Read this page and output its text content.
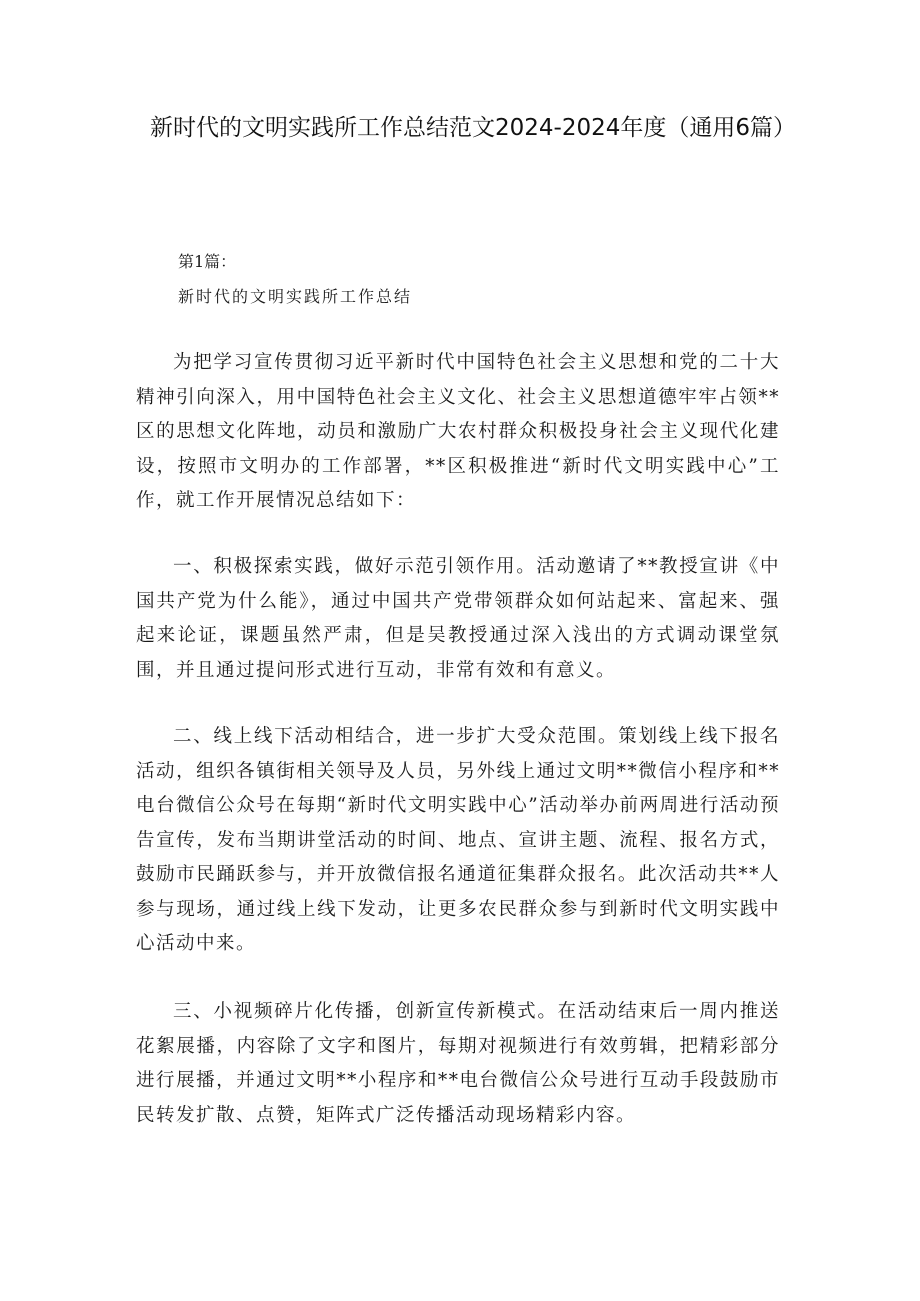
新时代的文明实践所工作总结范文2024-2024年度（通用6篇）

第1篇：

新时代的文明实践所工作总结

为把学习宣传贯彻习近平新时代中国特色社会主义思想和党的二十大精神引向深入，用中国特色社会主义文化、社会主义思想道德牢牢占领**区的思想文化阵地，动员和激励广大农村群众积极投身社会主义现代化建设，按照市文明办的工作部署，**区积极推进“新时代文明实践中心”工作，就工作开展情况总结如下：

一、积极探索实践，做好示范引领作用。活动邀请了**教授宣讲《中国共产党为什么能》，通过中国共产党带领群众如何站起来、富起来、强起来论证，课题虽然严肃，但是吴教授通过深入浅出的方式调动课堂氛围，并且通过提问形式进行互动，非常有效和有意义。

二、线上线下活动相结合，进一步扩大受众范围。策划线上线下报名活动，组织各镇街相关领导及人员，另外线上通过文明**微信小程序和**电台微信公众号在每期“新时代文明实践中心”活动举办前两周进行活动预告宣传，发布当期讲堂活动的时间、地点、宣讲主题、流程、报名方式，鼓励市民踊跃参与，并开放微信报名通道征集群众报名。此次活动共**人参与现场，通过线上线下发动，让更多农民群众参与到新时代文明实践中心活动中来。

三、小视频碎片化传播，创新宣传新模式。在活动结束后一周内推送花絮展播，内容除了文字和图片，每期对视频进行有效剪辑，把精彩部分进行展播，并通过文明**小程序和**电台微信公众号进行互动手段鼓励市民转发扩散、点赞，矩阵式广泛传播活动现场精彩内容。
